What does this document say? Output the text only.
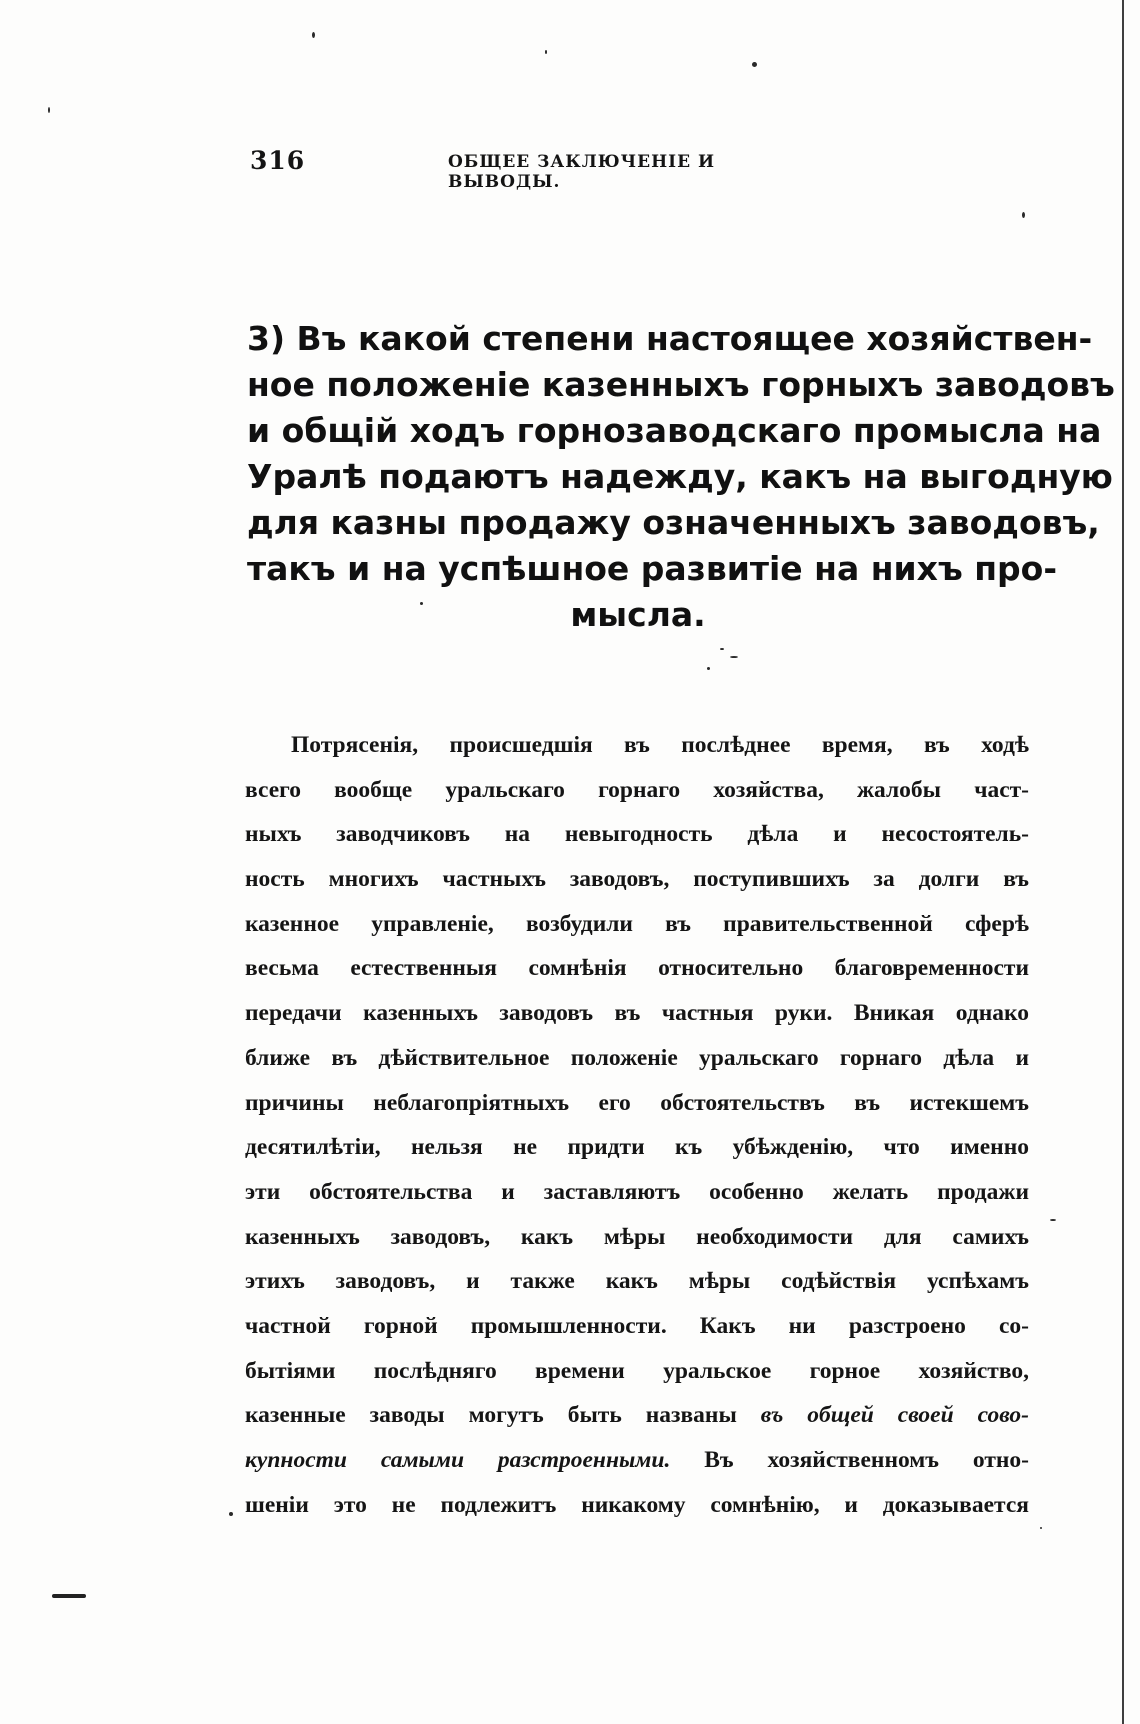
316	ОБЩЕЕ ЗАКЛЮЧЕНІЕ И ВЫВОДЫ.
3) Въ какой степени настоящее хозяйствен-
ное положеніе казенныхъ горныхъ заводовъ
и общій ходъ горнозаводскаго промысла на
Уралѣ подаютъ надежду, какъ на выгодную
для казны продажу означенныхъ заводовъ,
такъ и на успѣшное развитіе на нихъ про-
мысла.
Потрясенія, происшедшія въ послѣднее время, въ ходѣ
всего вообще уральскаго горнаго хозяйства, жалобы част-
ныхъ заводчиковъ на невыгодность дѣла и несостоятель-
ность многихъ частныхъ заводовъ, поступившихъ за долги въ
казенное управленіе, возбудили въ правительственной сферѣ
весьма естественныя сомнѣнія относительно благовременности
передачи казенныхъ заводовъ въ частныя руки. Вникая однако
ближе въ дѣйствительное положеніе уральскаго горнаго дѣла и
причины неблагопріятныхъ его обстоятельствъ въ истекшемъ
десятилѣтіи, нельзя не придти къ убѣжденію, что именно
эти обстоятельства и заставляютъ особенно желать продажи
казенныхъ заводовъ, какъ мѣры необходимости для самихъ
этихъ заводовъ, и также какъ мѣры содѣйствія успѣхамъ
частной горной промышленности. Какъ ни разстроено со-
бытіями послѣдняго времени уральское горное хозяйство,
казенные заводы могутъ быть названы въ общей своей сово-
купности самыми разстроенными. Въ хозяйственномъ отно-
шеніи это не подлежитъ никакому сомнѣнію, и доказывается
